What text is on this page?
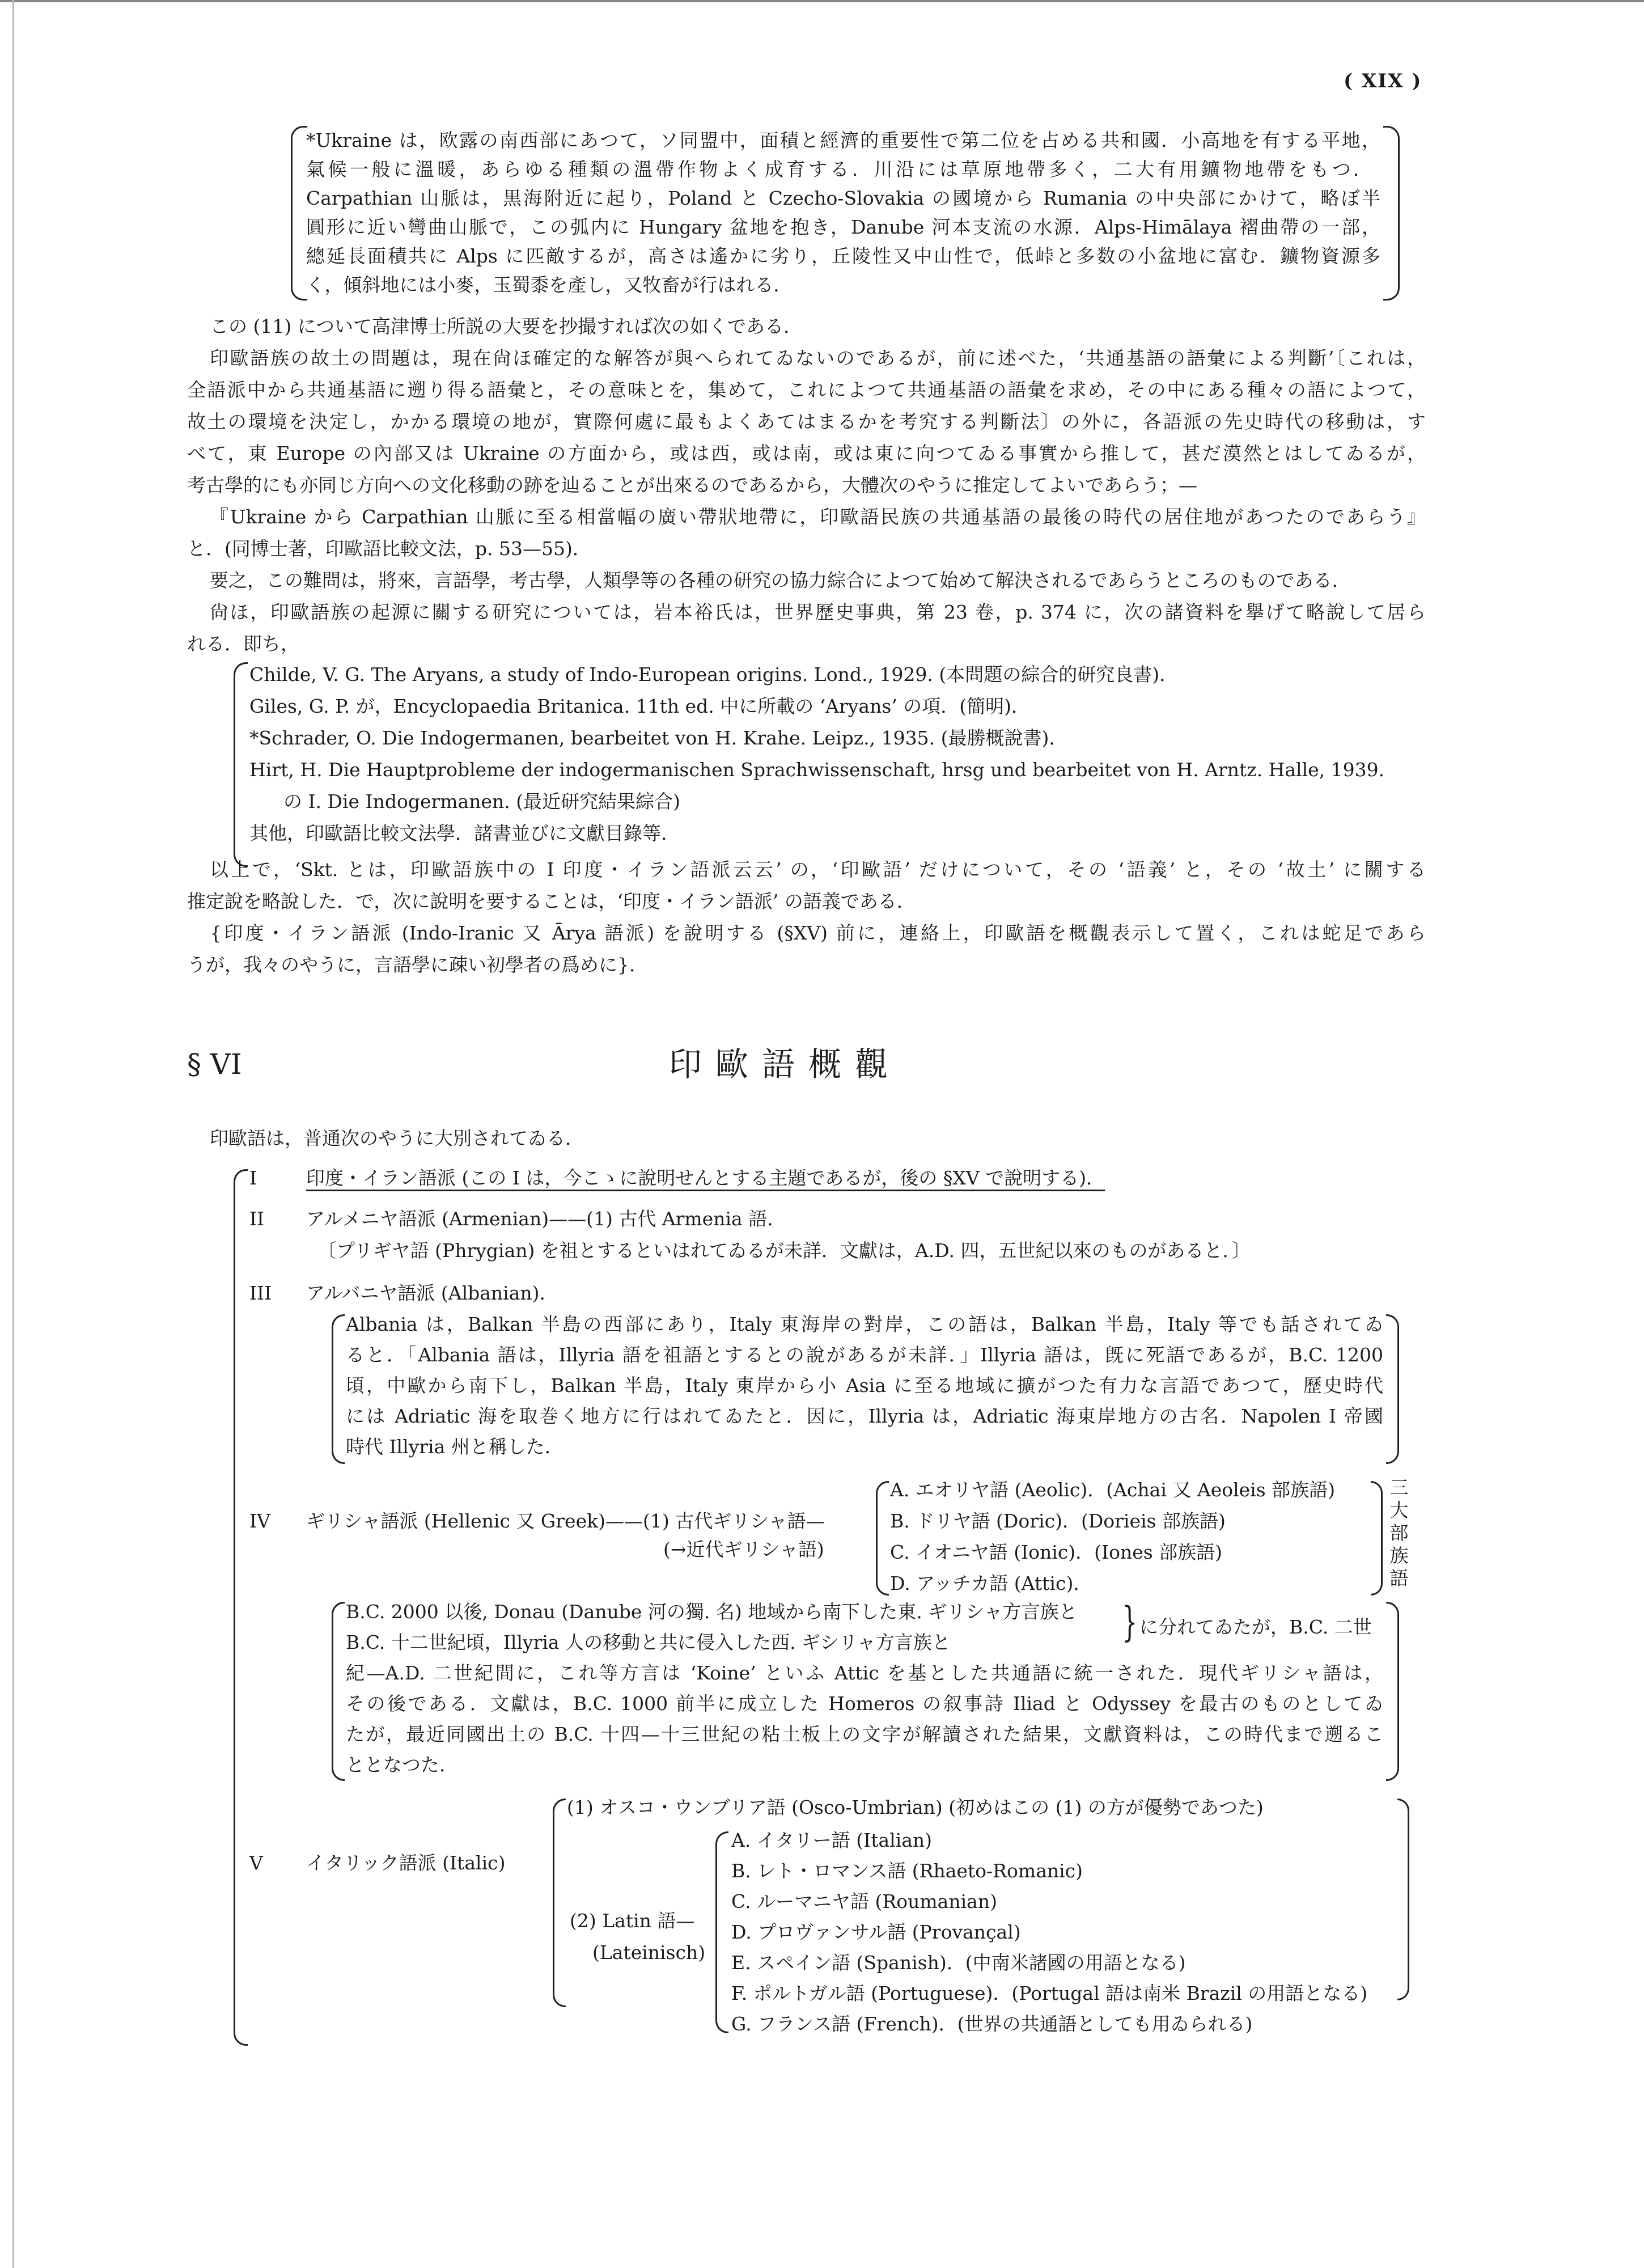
( XIX )
*Ukraine は，欧露の南西部にあつて，ソ同盟中，面積と經濟的重要性で第二位を占める共和國．小高地を有する平地，
氣候一般に溫暖，あらゆる種類の溫帶作物よく成育する．川沿には草原地帶多く，二大有用鑛物地帶をもつ．
Carpathian 山脈は，黒海附近に起り，Poland と Czecho-Slovakia の國境から Rumania の中央部にかけて，略ぼ半
圓形に近い彎曲山脈で，この弧内に Hungary 盆地を抱き，Danube 河本支流の水源．Alps-Himālaya 褶曲帶の一部，
總延長面積共に Alps に匹敵するが，高さは遙かに劣り，丘陵性又中山性で，低峠と多数の小盆地に富む．鑛物資源多
く，傾斜地には小麥，玉蜀黍を產し，又牧畜が行はれる．
この (11) について高津博士所説の大要を抄撮すれば次の如くである．
印歐語族の故土の問題は，現在尙ほ確定的な解答が與へられてゐないのであるが，前に述べた，‘共通基語の語彙による判斷’〔これは，
全語派中から共通基語に遡り得る語彙と，その意味とを，集めて，これによつて共通基語の語彙を求め，その中にある種々の語によつて，
故土の環境を決定し，かかる環境の地が，實際何處に最もよくあてはまるかを考究する判斷法〕の外に，各語派の先史時代の移動は，す
べて，東 Europe の內部又は Ukraine の方面から，或は西，或は南，或は東に向つてゐる事實から推して，甚だ漠然とはしてゐるが，
考古學的にも亦同じ方向への文化移動の跡を辿ることが出來るのであるから，大體次のやうに推定してよいであらう；—
『Ukraine から Carpathian 山脈に至る相當幅の廣い帶狀地帶に，印歐語民族の共通基語の最後の時代の居住地があつたのであらう』
と．(同博士著，印歐語比較文法，p. 53—55)．
要之，この難問は，將來，言語學，考古學，人類學等の各種の研究の協力綜合によつて始めて解決されるであらうところのものである．
尙ほ，印歐語族の起源に關する研究については，岩本裕氏は，世界歷史事典，第 23 卷，p. 374 に，次の諸資料を擧げて略說して居ら
れる．即ち，
Childe, V. G. The Aryans, a study of Indo-European origins. Lond., 1929. (本問題の綜合的研究良書)．
Giles, G. P. が，Encyclopaedia Britanica. 11th ed. 中に所載の ‘Aryans’ の項．(簡明)．
*Schrader, O. Die Indogermanen, bearbeitet von H. Krahe. Leipz., 1935. (最勝概說書)．
Hirt, H. Die Hauptprobleme der indogermanischen Sprachwissenschaft, hrsg und bearbeitet von H. Arntz. Halle, 1939.
の I. Die Indogermanen. (最近研究結果綜合)
其他，印歐語比較文法學．諸書並びに文獻目錄等．
以上で，‘Skt. とは，印歐語族中の I 印度・イラン語派云云’ の，‘印歐語’ だけについて，その ‘語義’ と，その ‘故土’ に關する
推定說を略說した．で，次に說明を要することは，‘印度・イラン語派’ の語義である．
{印度・イラン語派 (Indo-Iranic 又 Ārya 語派) を說明する (§XV) 前に，連絡上，印歐語を概觀表示して置く，これは蛇足であら
うが，我々のやうに，言語學に疎い初學者の爲めに}．
§ VI	印歐語概觀
印歐語は，普通次のやうに大別されてゐる．
I	印度・イラン語派 (この I は，今こゝに說明せんとする主題であるが，後の §XV で說明する)．
II アルメニヤ語派 (Armenian)——(1) 古代 Armenia 語．
〔プリギヤ語 (Phrygian) を祖とするといはれてゐるが未詳．文獻は，A.D. 四，五世紀以來のものがあると．〕
III アルバニヤ語派 (Albanian)．
Albania は，Balkan 半島の西部にあり，Italy 東海岸の對岸，この語は，Balkan 半島，Italy 等でも話されてゐ
ると．「Albania 語は，Illyria 語を祖語とするとの說があるが未詳．」Illyria 語は，旣に死語であるが，B.C. 1200
頃，中歐から南下し，Balkan 半島，Italy 東岸から小 Asia に至る地域に擴がつた有力な言語であつて，歷史時代
には Adriatic 海を取巻く地方に行はれてゐたと．因に，Illyria は，Adriatic 海東岸地方の古名．Napolen I 帝國
時代 Illyria 州と稱した．
IV ギリシャ語派 (Hellenic 又 Greek)——(1) 古代ギリシャ語—
(→近代ギリシャ語)
A. エオリヤ語 (Aeolic)．(Achai 又 Aeoleis 部族語)
B. ドリヤ語 (Doric)．(Dorieis 部族語)
C. イオニヤ語 (Ionic)．(Iones 部族語)
D. アッチカ語 (Attic)．
三
大
部
族
語
B.C. 2000 以後, Donau (Danube 河の獨. 名) 地域から南下した東. ギリシャ方言族と
B.C. 十二世紀頃，Illyria 人の移動と共に侵入した西. ギシリャ方言族と	} に分れてゐたが，B.C. 二世
紀—A.D. 二世紀間に，これ等方言は ‘Koine’ といふ Attic を基とした共通語に統一された．現代ギリシャ語は，
その後である．文獻は，B.C. 1000 前半に成立した Homeros の叙事詩 Iliad と Odyssey を最古のものとしてゐ
たが，最近同國出土の B.C. 十四—十三世紀の粘土板上の文字が解讀された結果，文獻資料は，この時代まで遡るこ
ととなつた．
V イタリック語派 (Italic)
(1) オスコ・ウンブリア語 (Osco-Umbrian) (初めはこの (1) の方が優勢であつた)
(2) Latin 語—
(Lateinisch)
A. イタリー語 (Italian)
B. レト・ロマンス語 (Rhaeto-Romanic)
C. ルーマニヤ語 (Roumanian)
D. プロヴァンサル語 (Provançal)
E. スペイン語 (Spanish)．(中南米諸國の用語となる)
F. ポルトガル語 (Portuguese)．(Portugal 語は南米 Brazil の用語となる)
G. フランス語 (French)．(世界の共通語としても用ゐられる)
